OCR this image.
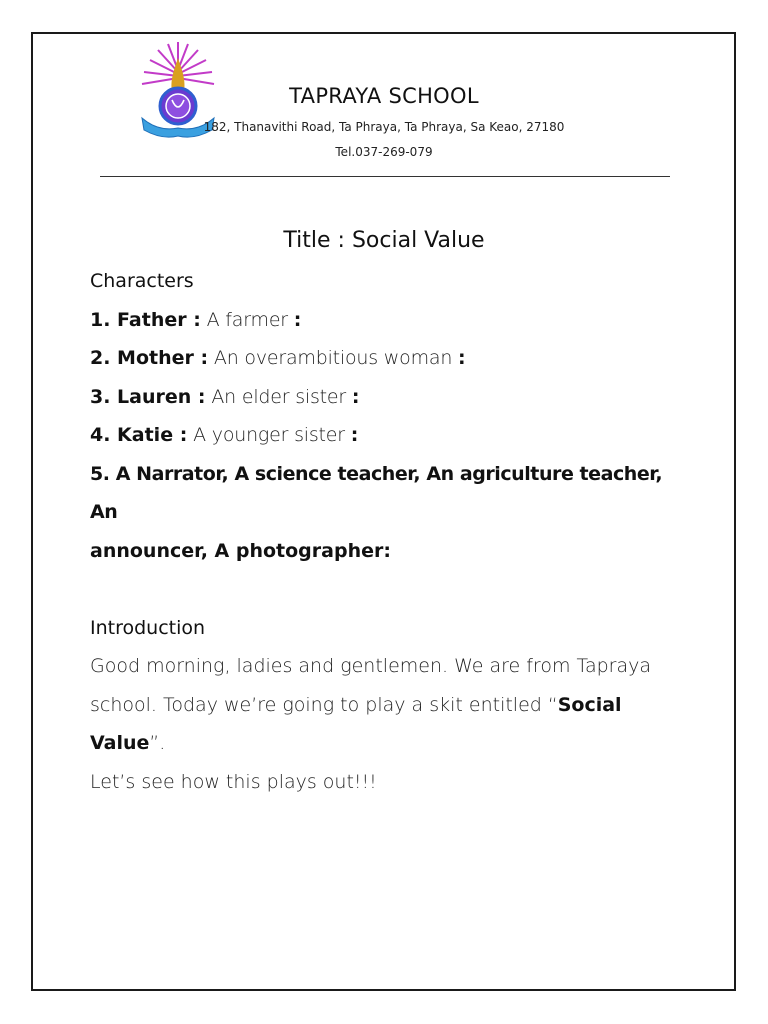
TAPRAYA SCHOOL
182, Thanavithi Road, Ta Phraya, Ta Phraya, Sa Keao, 27180
Tel.037-269-079
Title : Social Value

Characters

1. Father : A farmer :

2. Mother : An overambitious woman :

3. Lauren : An elder sister :

4. Katie : A younger sister :

5. A Narrator, A science teacher, An agriculture teacher, An

announcer, A photographer:

Introduction

Good morning, ladies and gentlemen. We are from Tapraya

school. Today we’re going to play a skit entitled “Social

Value”.

Let’s see how this plays out!!!
